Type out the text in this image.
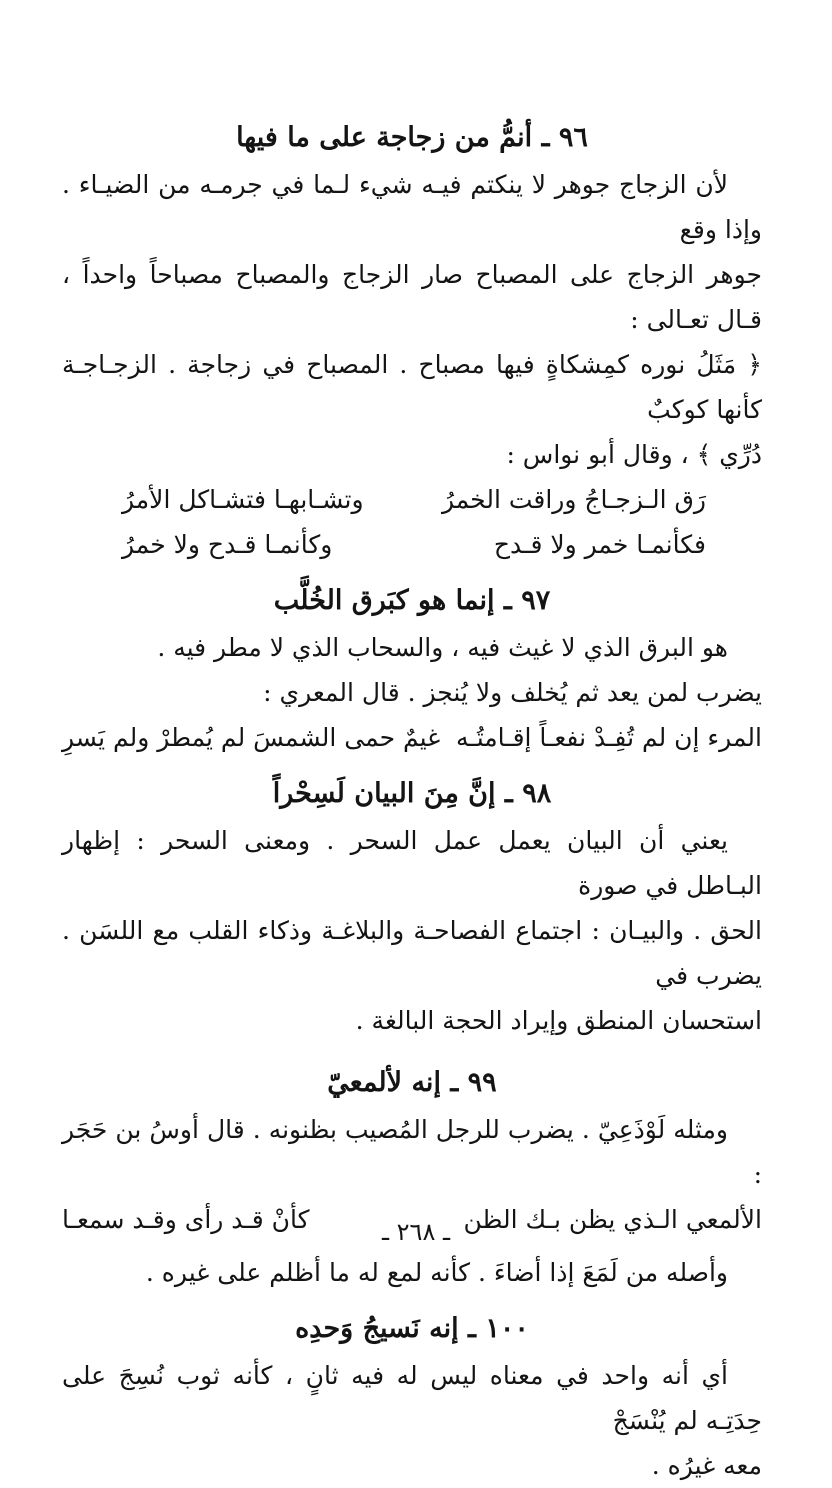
٩٦ ـ أنمُّ من زجاجة على ما فيها

لأن الزجاج جوهر لا ينكتم فيـه شيء لـما في جرمـه من الضيـاء . وإذا وقع

جوهر الزجاج على المصباح صار الزجاج والمصباح مصباحاً واحداً ، قـال تعـالى :

﴿ مَثَلُ نوره كمِشكاةٍ فيها مصباح . المصباح في زجاجة . الزجـاجـة كأنها كوكبٌ

دُرِّي ﴾ ، وقال أبو نواس :

رَق الـزجـاجُ وراقت الخمرُ
وتشـابهـا فتشـاكل الأمرُ
فكأنمـا خمر ولا قـدح
وكأنمـا قـدح ولا خمرُ
٩٧ ـ إنما هو كبَرق الخُلَّب

هو البرق الذي لا غيث فيه ، والسحاب الذي لا مطر فيه .

يضرب لمن يعد ثم يُخلف ولا يُنجز . قال المعري :

المرء إن لم تُفِـدْ نفعـاً إقـامتُـه
غيمٌ حمى الشمسَ لم يُمطرْ ولم يَسرِ
٩٨ ـ إنَّ مِنَ البيان لَسِحْراً

يعني أن البيان يعمل عمل السحر . ومعنى السحر : إظهار البـاطل في صورة

الحق . والبيـان : اجتماع الفصاحـة والبلاغـة وذكاء القلب مع اللسَن . يضرب في

استحسان المنطق وإيراد الحجة البالغة .

٩٩ ـ إنه لألمعيّ

ومثله لَوْذَعِيّ . يضرب للرجل المُصيب بظنونه . قال أوسُ بن حَجَر :

الألمعي الـذي يظن بـك الظن
كأنْ قـد رأى وقـد سمعـا

وأصله من لَمَعَ إذا أضاءَ . كأنه لمع له ما أظلم على غيره .

١٠٠ ـ إنه نَسيجُ وَحدِه

أي أنه واحد في معناه ليس له فيه ثانٍ ، كأنه ثوب نُسِجَ على حِدَتِـه لم يُنْسَجْ

معه غيرُه .

ـ ٢٦٨ ـ
